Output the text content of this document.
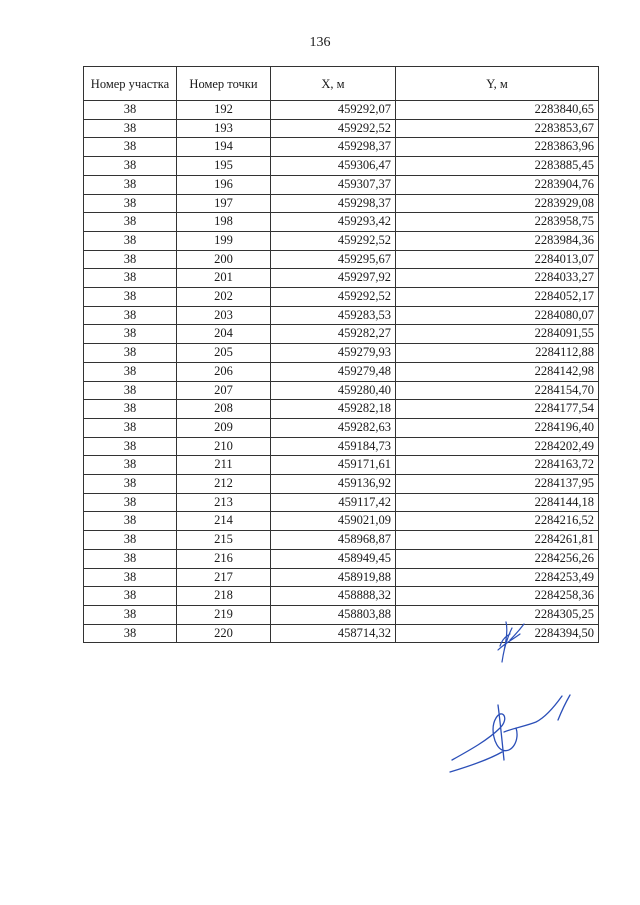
136
Номер участка	Номер точки	X, м	Y, м
38	192	459292,07	2283840,65
38	193	459292,52	2283853,67
38	194	459298,37	2283863,96
38	195	459306,47	2283885,45
38	196	459307,37	2283904,76
38	197	459298,37	2283929,08
38	198	459293,42	2283958,75
38	199	459292,52	2283984,36
38	200	459295,67	2284013,07
38	201	459297,92	2284033,27
38	202	459292,52	2284052,17
38	203	459283,53	2284080,07
38	204	459282,27	2284091,55
38	205	459279,93	2284112,88
38	206	459279,48	2284142,98
38	207	459280,40	2284154,70
38	208	459282,18	2284177,54
38	209	459282,63	2284196,40
38	210	459184,73	2284202,49
38	211	459171,61	2284163,72
38	212	459136,92	2284137,95
38	213	459117,42	2284144,18
38	214	459021,09	2284216,52
38	215	458968,87	2284261,81
38	216	458949,45	2284256,26
38	217	458919,88	2284253,49
38	218	458888,32	2284258,36
38	219	458803,88	2284305,25
38	220	458714,32	2284394,50
